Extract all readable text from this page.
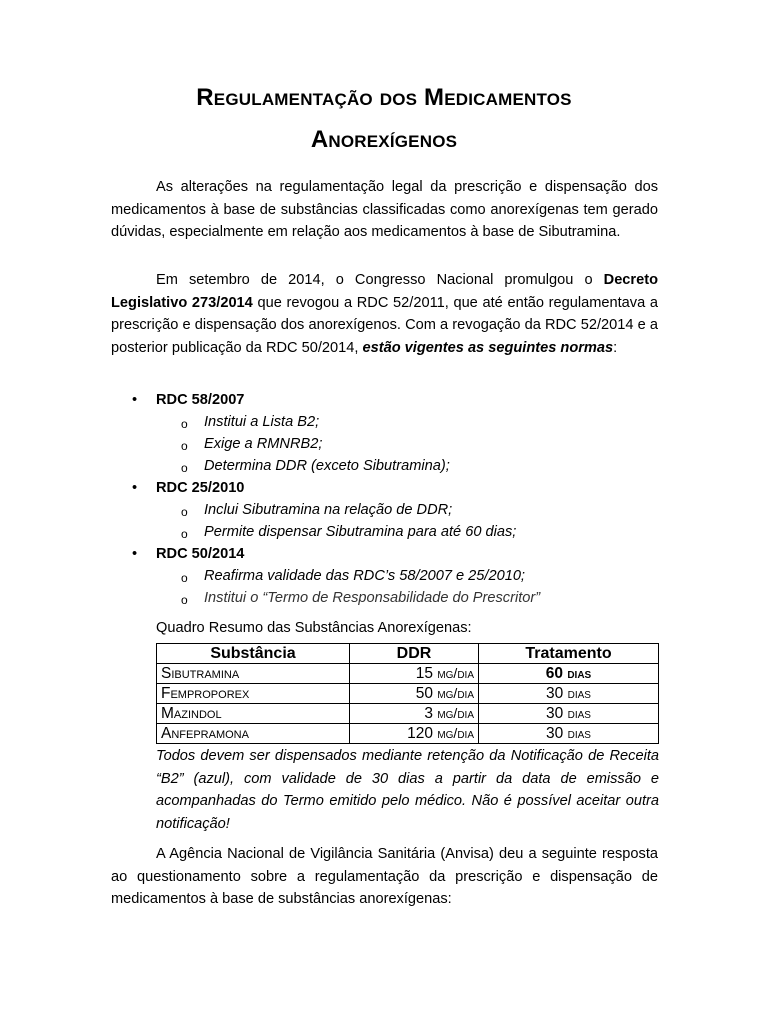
Regulamentação dos Medicamentos
Anorexígenos

As alterações na regulamentação legal da prescrição e dispensação dos medicamentos à base de substâncias classificadas como anorexígenas tem gerado dúvidas, especialmente em relação aos medicamentos à base de Sibutramina.

Em setembro de 2014, o Congresso Nacional promulgou o Decreto Legislativo 273/2014 que revogou a RDC 52/2011, que até então regulamentava a prescrição e dispensação dos anorexígenos. Com a revogação da RDC 52/2014 e a posterior publicação da RDC 50/2014, estão vigentes as seguintes normas:

• RDC 58/2007
o Institui a Lista B2;
o Exige a RMNRB2;
o Determina DDR (exceto Sibutramina);
• RDC 25/2010
o Inclui Sibutramina na relação de DDR;
o Permite dispensar Sibutramina para até 60 dias;
• RDC 50/2014
o Reafirma validade das RDC’s 58/2007 e 25/2010;
o Institui o “Termo de Responsabilidade do Prescritor”
Quadro Resumo das Substâncias Anorexígenas:
Substância	DDR	Tratamento
Sibutramina	15 mg/dia	60 dias
Femproporex	50 mg/dia	30 dias
Mazindol	3 mg/dia	30 dias
Anfepramona	120 mg/dia	30 dias

Todos devem ser dispensados mediante retenção da Notificação de Receita “B2” (azul), com validade de 30 dias a partir da data de emissão e acompanhadas do Termo emitido pelo médico. Não é possível aceitar outra notificação!

A Agência Nacional de Vigilância Sanitária (Anvisa) deu a seguinte resposta ao questionamento sobre a regulamentação da prescrição e dispensação de medicamentos à base de substâncias anorexígenas:
